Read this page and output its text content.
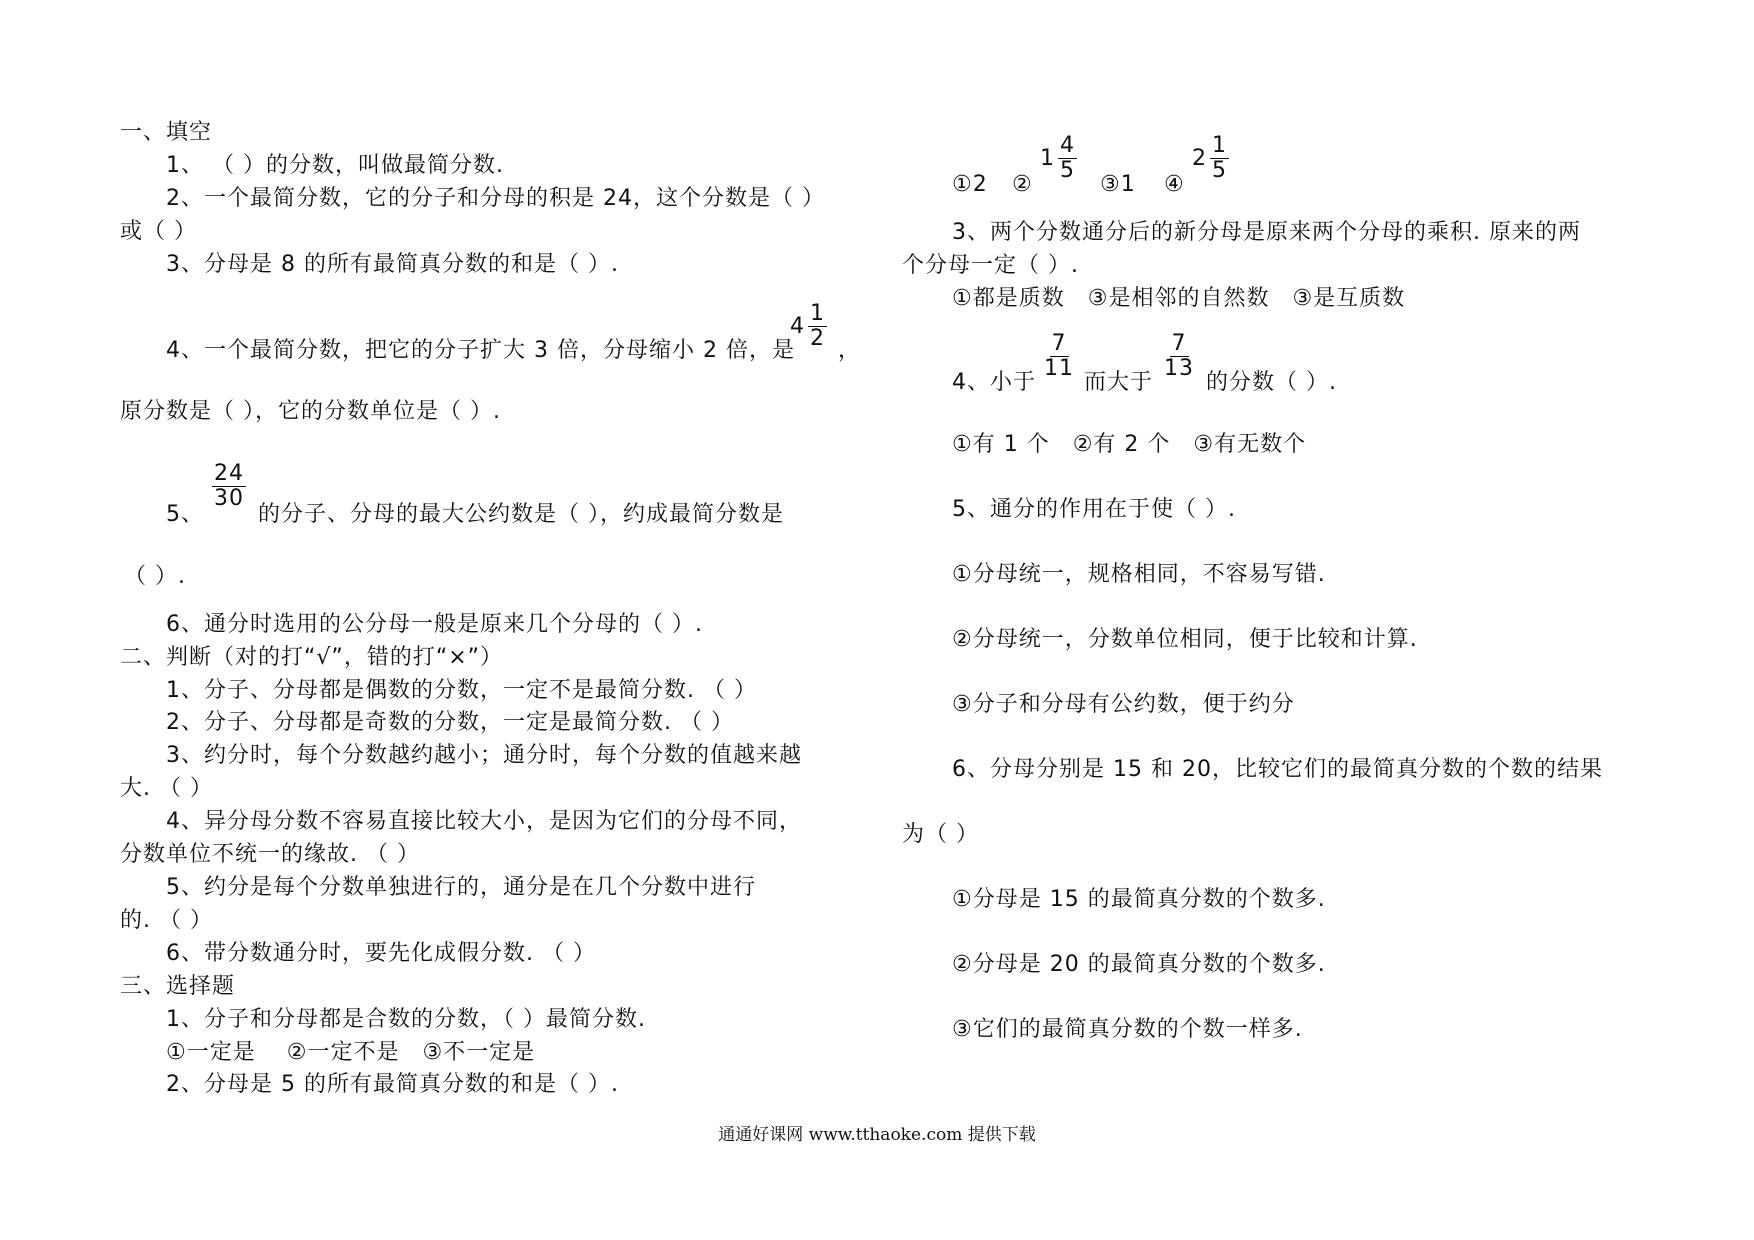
一、填空
1、 （ ）的分数，叫做最简分数.
2、一个最简分数，它的分子和分母的积是 24，这个分数是（ ）
或（ ）
3、分母是 8 的所有最简真分数的和是（ ）.
4、一个最简分数，把它的分子扩大 3 倍，分母缩小 2 倍，是
$4 \frac{1}{2}$ ，
原分数是（ ），它的分数单位是（ ）.
5、
$\frac{24}{30}$
的分子、分母的最大公约数是（ ），约成最简分数是
（ ）.
6、通分时选用的公分母一般是原来几个分母的（ ）.
二、判断（对的打“√”，错的打“×”）
1、分子、分母都是偶数的分数，一定不是最简分数. （ ）
2、分子、分母都是奇数的分数，一定是最简分数. （ ）
3、约分时，每个分数越约越小；通分时，每个分数的值越来越
大. （ ）
4、异分母分数不容易直接比较大小，是因为它们的分母不同，
分数单位不统一的缘故. （ ）
5、约分是每个分数单独进行的，通分是在几个分数中进行
的. （ ）
6、带分数通分时，要先化成假分数. （ ）
三、选择题
1、分子和分母都是合数的分数，（ ）最简分数.
①一定是　 ②一定不是　③不一定是
2、分母是 5 的所有最简真分数的和是（ ）.
①2 ②
$1 \frac{4}{5}$
③1 ④
$2 \frac{1}{5}$
3、两个分数通分后的新分母是原来两个分母的乘积. 原来的两
个分母一定（ ）.
①都是质数　③是相邻的自然数　③是互质数
4、小于
$\frac{7}{11}$
而大于
$\frac{7}{13}$
的分数（ ）.
①有 1 个　②有 2 个　③有无数个
5、通分的作用在于使（ ）.
①分母统一，规格相同，不容易写错.
②分母统一，分数单位相同，便于比较和计算.
③分子和分母有公约数，便于约分
6、分母分别是 15 和 20，比较它们的最简真分数的个数的结果
为（ ）
①分母是 15 的最简真分数的个数多.
②分母是 20 的最简真分数的个数多.
③它们的最简真分数的个数一样多.
通通好课网 www.tthaoke.com 提供下载
